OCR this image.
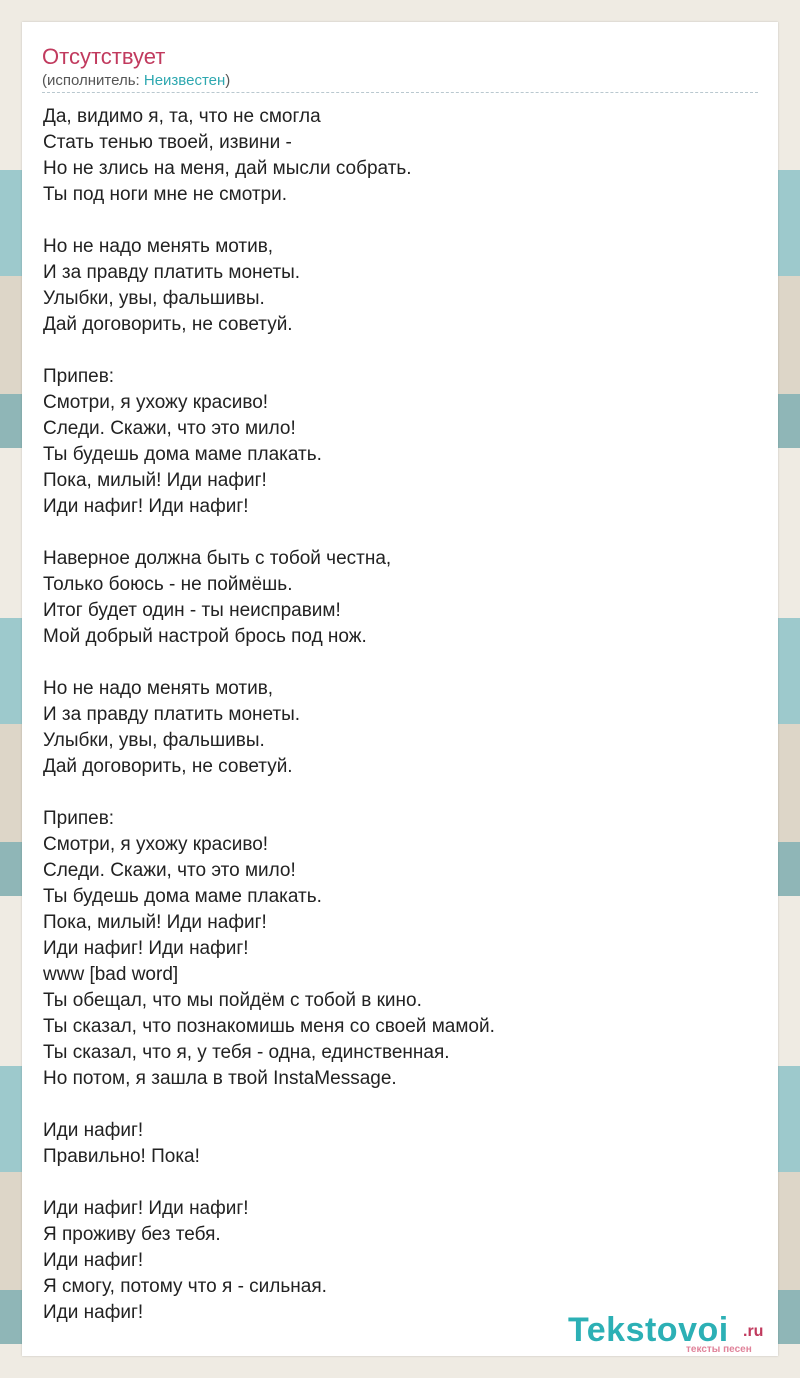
Отсутствует
(исполнитель: Неизвестен)
Да, видимо я, та, что не смогла
Стать тенью твоей, извини -
Но не злись на меня, дай мысли собрать.
Ты под ноги мне не смотри.
Но не надо менять мотив,
И за правду платить монеты.
Улыбки, увы, фальшивы.
Дай договорить, не советуй.
Припев:
Смотри, я ухожу красиво!
Следи. Скажи, что это мило!
Ты будешь дома маме плакать.
Пока, милый! Иди нафиг!
Иди нафиг! Иди нафиг!
Наверное должна быть с тобой честна,
Только боюсь - не поймёшь.
Итог будет один - ты неисправим!
Мой добрый настрой брось под нож.
Но не надо менять мотив,
И за правду платить монеты.
Улыбки, увы, фальшивы.
Дай договорить, не советуй.
Припев:
Смотри, я ухожу красиво!
Следи. Скажи, что это мило!
Ты будешь дома маме плакать.
Пока, милый! Иди нафиг!
Иди нафиг! Иди нафиг!
www [bad word]
Ты обещал, что мы пойдём с тобой в кино.
Ты сказал, что познакомишь меня со своей мамой.
Ты сказал, что я, у тебя - одна, единственная.
Но потом, я зашла в твой InstaMessage.
Иди нафиг!
Правильно! Пока!
Иди нафиг! Иди нафиг!
Я проживу без тебя.
Иди нафиг!
Я смогу, потому что я - сильная.
Иди нафиг!	Tekstovoi .ru
тексты песен
